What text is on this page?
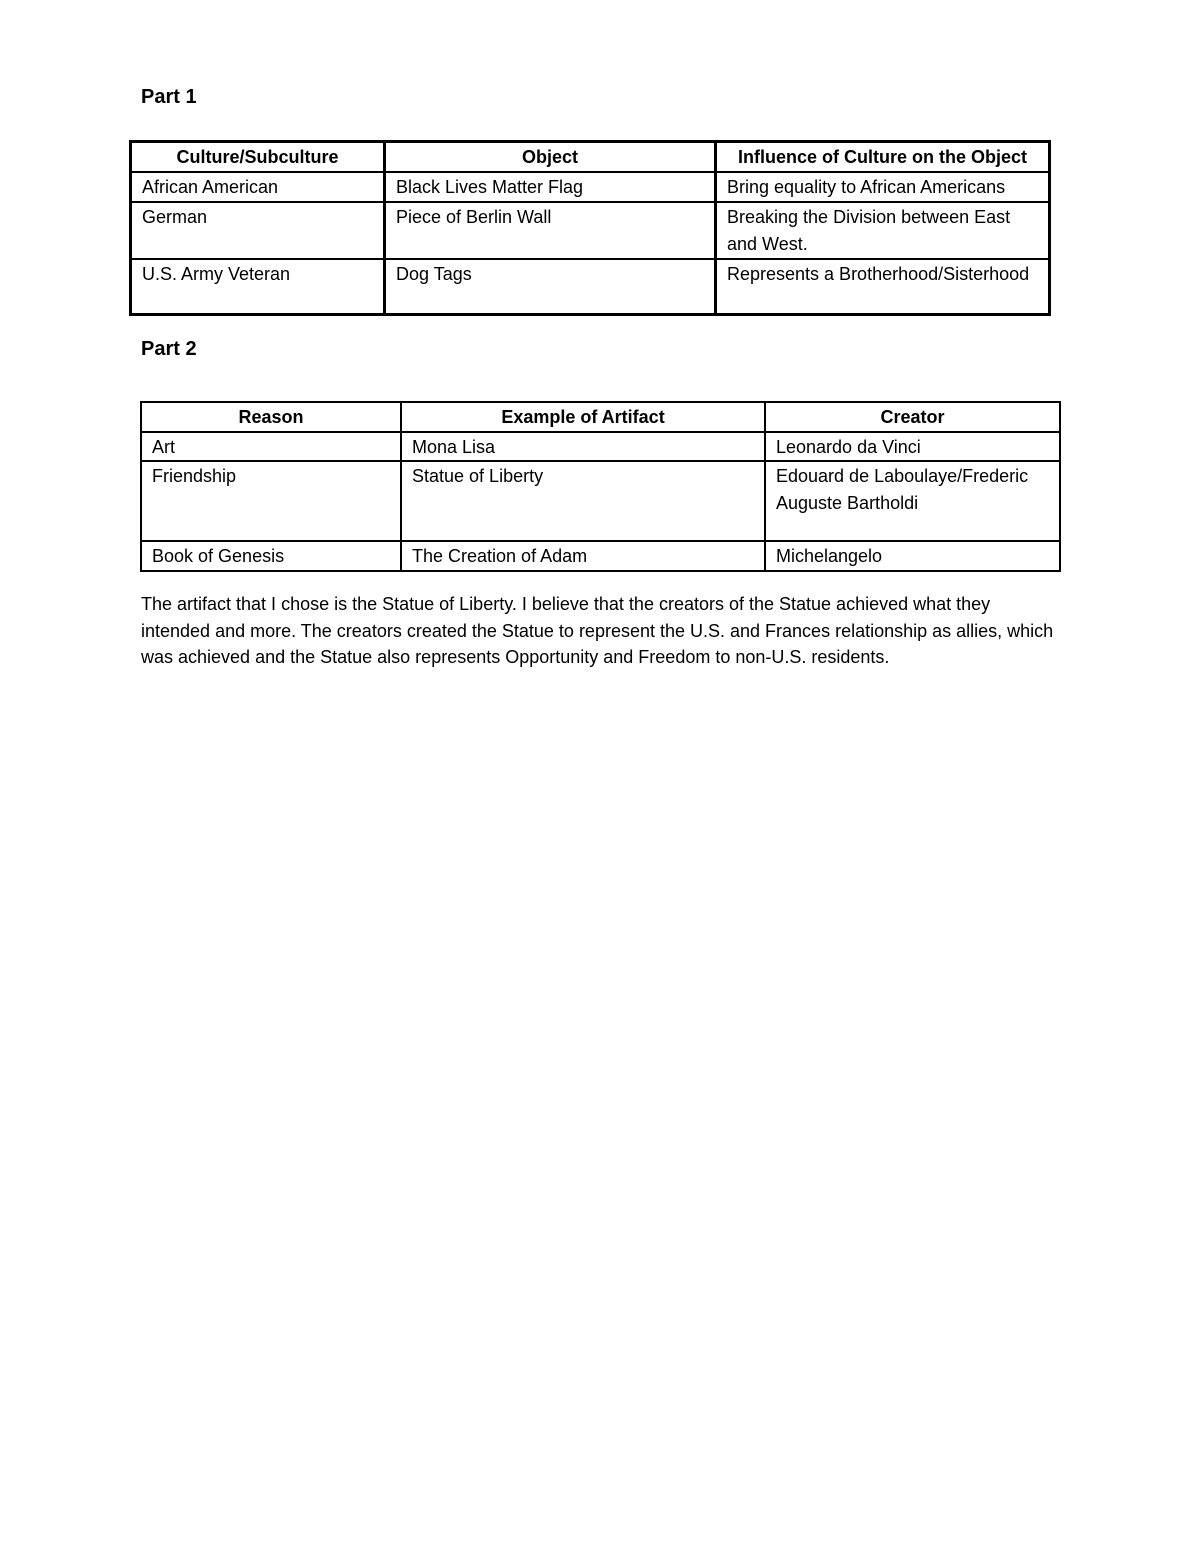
Part 1
Culture/Subculture	Object	Influence of Culture on the Object
African American	Black Lives Matter Flag	Bring equality to African Americans
German	Piece of Berlin Wall	Breaking the Division between East and West.
U.S. Army Veteran	Dog Tags	Represents a Brotherhood/Sisterhood
Part 2
Reason	Example of Artifact	Creator
Art	Mona Lisa	Leonardo da Vinci
Friendship	Statue of Liberty	Edouard de Laboulaye/Frederic Auguste Bartholdi
Book of Genesis	The Creation of Adam	Michelangelo

The artifact that I chose is the Statue of Liberty. I believe that the creators of the Statue achieved what they intended and more. The creators created the Statue to represent the U.S. and Frances relationship as allies, which was achieved and the Statue also represents Opportunity and Freedom to non-U.S. residents.
